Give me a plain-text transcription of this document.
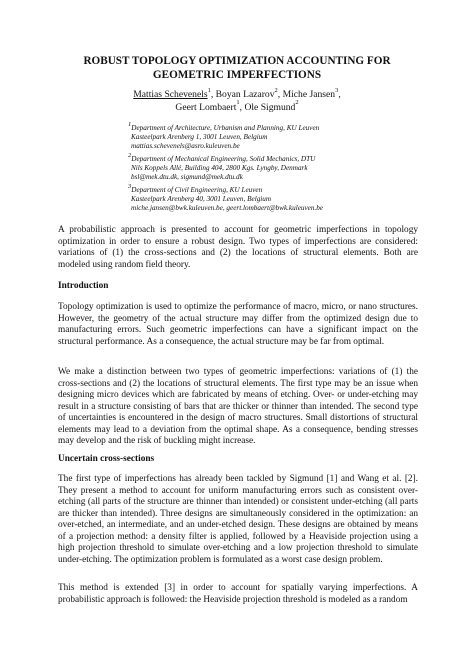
ROBUST TOPOLOGY OPTIMIZATION ACCOUNTING FOR
GEOMETRIC IMPERFECTIONS
Mattias Schevenels$^1$, Boyan Lazarov$^2$, Miche Jansen$^3$,
Geert Lombaert$^1$, Ole Sigmund$^2$
$^1$Department of Architecture, Urbanism and Planning, KU Leuven
Kasteelpark Arenberg 1, 3001 Leuven, Belgium
mattias.schevenels@asro.kuleuven.be
$^2$Department of Mechanical Engineering, Solid Mechanics, DTU
Nils Koppels Allé, Building 404, 2800 Kgs. Lyngby, Denmark
bsl@mek.dtu.dk, sigmund@mek.dtu.dk
$^3$Department of Civil Engineering, KU Leuven
Kasteelpark Arenberg 40, 3001 Leuven, Belgium
miche.jansen@bwk.kuleuven.be, geert.lombaert@bwk.kuleuven.be
A probabilistic approach is presented to account for geometric imperfections in topology optimization in order to ensure a robust design. Two types of imperfections are considered: variations of (1) the cross-sections and (2) the locations of structural elements. Both are modeled using random field theory.
Introduction
Topology optimization is used to optimize the performance of macro, micro, or nano structures. However, the geometry of the actual structure may differ from the optimized design due to manufacturing errors. Such geometric imperfections can have a significant impact on the structural performance. As a consequence, the actual structure may be far from optimal.
We make a distinction between two types of geometric imperfections: variations of (1) the cross-sections and (2) the locations of structural elements. The first type may be an issue when designing micro devices which are fabricated by means of etching. Over- or under-etching may result in a structure consisting of bars that are thicker or thinner than intended. The second type of uncertainties is encountered in the design of macro structures. Small distortions of structural elements may lead to a deviation from the optimal shape. As a consequence, bending stresses may develop and the risk of buckling might increase.
Uncertain cross-sections
The first type of imperfections has already been tackled by Sigmund [1] and Wang et al. [2]. They present a method to account for uniform manufacturing errors such as consistent over-etching (all parts of the structure are thinner than intended) or consistent under-etching (all parts are thicker than intended). Three designs are simultaneously considered in the optimization: an over-etched, an intermediate, and an under-etched design. These designs are obtained by means of a projection method: a density filter is applied, followed by a Heaviside projection using a high projection threshold to simulate over-etching and a low projection threshold to simulate under-etching. The optimization problem is formulated as a worst case design problem.
This method is extended [3] in order to account for spatially varying imperfections. A probabilistic approach is followed: the Heaviside projection threshold is modeled as a random
